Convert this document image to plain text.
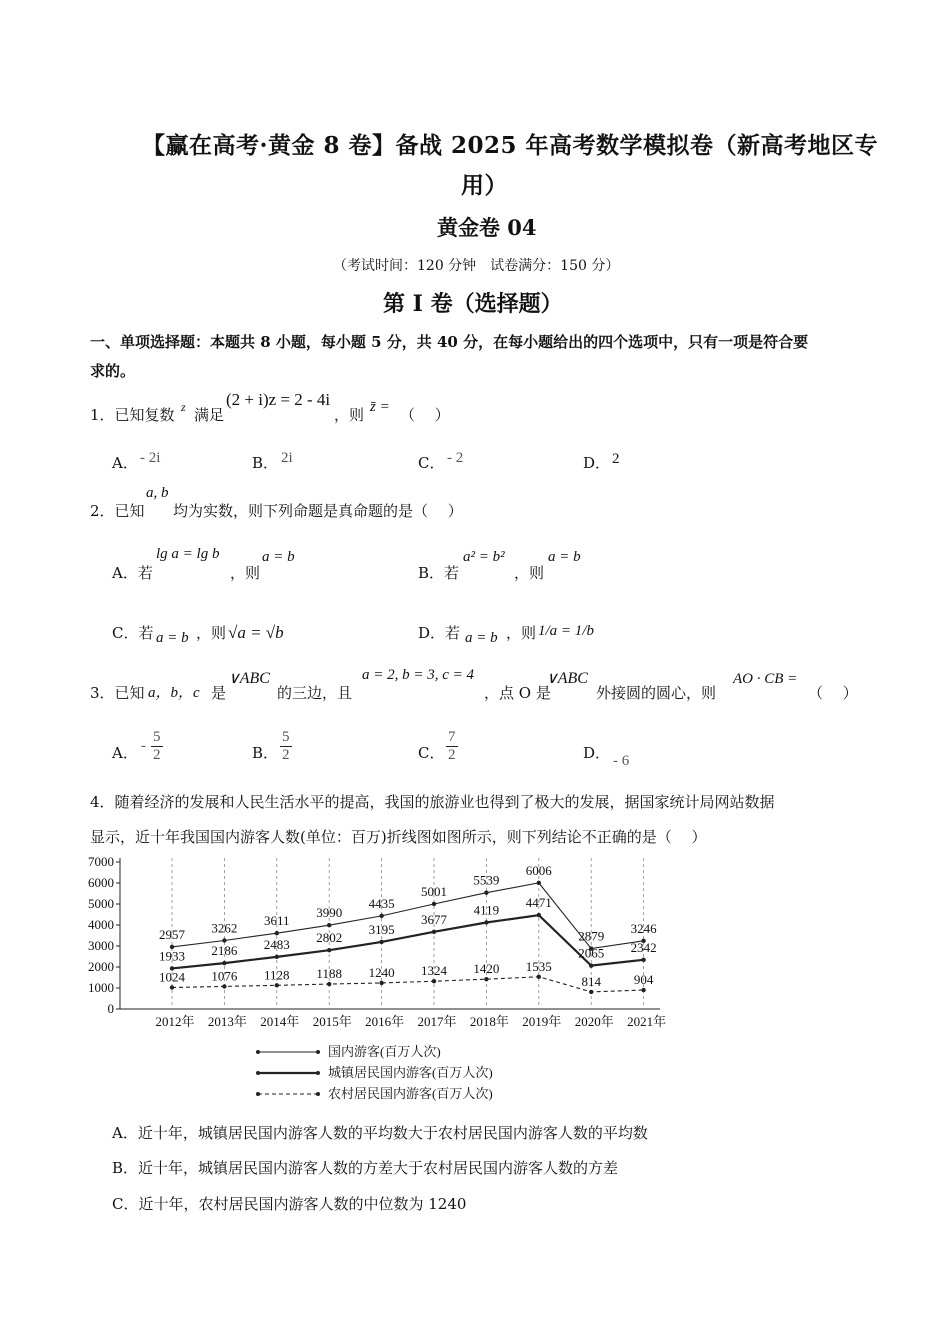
【赢在高考·黄金 8 卷】备战 2025 年高考数学模拟卷（新高考地区专
用）
黄金卷 04
（考试时间：120 分钟　试卷满分：150 分）
第 I 卷（选择题）
一、单项选择题：本题共 8 小题，每小题 5 分，共 40 分，在每小题给出的四个选项中，只有一项是符合要
求的。
1．已知复数 z 满足
(2 + i)z = 2 - 4i
，则 z̄ = （　 ）
A． - 2i	B． 2i	C． - 2	D． 2
2．已知
a, b
均为实数，则下列命题是真命题的是（　 ）
A．若
lg a = lg b
，则
a = b
B．若
a² = b²
，则
a = b
C．若 a = b ，则 √a = √b	D．若 a = b ，则 1/a = 1/b
3．已知 a，b，c 是
∨ABC
的三边，且
a = 2, b = 3, c = 4
，点 O 是
∨ABC
外接圆的圆心，则
AO · CB =
（　 ）
A． - $\frac{5}{2}$	B． $\frac{5}{2}$	C． $\frac{7}{2}$	D． - 6
4．随着经济的发展和人民生活水平的提高，我国的旅游业也得到了极大的发展，据国家统计局网站数据
显示，近十年我国国内游客人数(单位：百万)折线图如图所示，则下列结论不正确的是（　 ）
0
1000
2000
3000
4000
5000
6000
7000
2012年 2013年 2014年 2015年 2016年 2017年 2018年 2019年 2020年 2021年
2957 3262 3611
3990
4435
5001
5539
6006
2879
3246
1933 2186 2483 2802
3195
3677
4119 4471
2065 2342
1024 1076 1128 1188 1240 1324 1420 1535
814	904
国内游客(百万人次)
城镇居民国内游客(百万人次)
农村居民国内游客(百万人次)
A．近十年，城镇居民国内游客人数的平均数大于农村居民国内游客人数的平均数
B．近十年，城镇居民国内游客人数的方差大于农村居民国内游客人数的方差
C．近十年，农村居民国内游客人数的中位数为 1240
